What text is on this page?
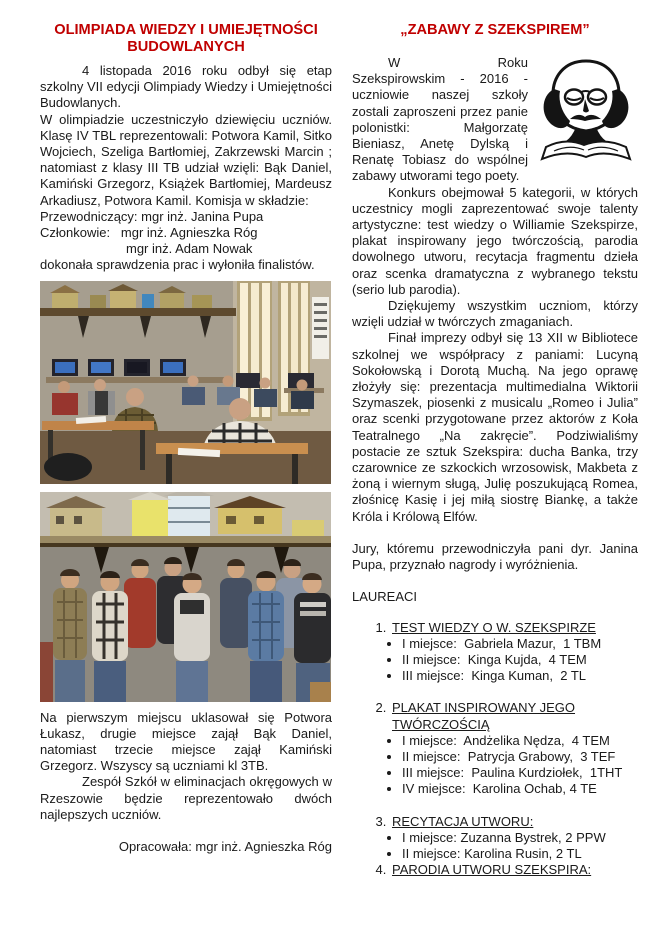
OLIMPIADA WIEDZY I UMIEJĘTNOŚCI BUDOWLANYCH

4 listopada 2016 roku odbył się etap szkolny VII edycji Olimpiady Wiedzy i Umiejętności Budowlanych.

W olimpiadzie uczestniczyło dziewięciu uczniów. Klasę IV TBL reprezentowali: Potwora Kamil, Sitko Wojciech, Szeliga Bartłomiej, Zakrzewski Marcin ; natomiast z klasy III TB udział wzięli: Bąk Daniel, Kamiński Grzegorz, Książek Bartłomiej, Mardeusz Arkadiusz, Potwora Kamil. Komisja w składzie:

Przewodniczący: mgr inż. Janina Pupa
Członkowie:   mgr inż. Agnieszka Róg
mgr inż. Adam Nowak
dokonała sprawdzenia prac i wyłoniła finalistów.

Na pierwszym miejscu uklasował się Potwora Łukasz, drugie miejsce zajął Bąk Daniel, natomiast trzecie miejsce zajął Kamiński Grzegorz. Wszyscy są uczniami kl 3TB.

Zespół Szkół w eliminacjach okręgowych w Rzeszowie będzie reprezentowało dwóch najlepszych uczniów.

Opracowała: mgr inż. Agnieszka Róg

„ZABAWY Z SZEKSPIREM”

W Roku Szekspirowskim - 2016 - uczniowie naszej szkoły zostali zaproszeni przez panie polonistki: Małgorzatę Bieniasz, Anetę Dylską i Renatę Tobiasz do wspólnej zabawy utworami tego poety.

Konkurs obejmował 5 kategorii, w których uczestnicy mogli zaprezentować swoje talenty artystyczne: test wiedzy o Williamie Szekspirze, plakat inspirowany jego twórczością, parodia dowolnego utworu, recytacja fragmentu dzieła oraz scenka dramatyczna z wybranego tekstu (serio lub parodia).

Dziękujemy wszystkim uczniom, którzy wzięli udział w twórczych zmaganiach.

Finał imprezy odbył się 13 XII w Bibliotece szkolnej we współpracy z paniami: Lucyną Sokołowską i Dorotą Muchą. Na jego oprawę złożyły się: prezentacja multimedialna Wiktorii Szymaszek, piosenki z musicalu „Romeo i Julia” oraz scenki przygotowane przez aktorów z Koła Teatralnego „Na zakręcie”. Podziwialiśmy postacie ze sztuk Szekspira: ducha Banka, trzy czarownice ze szkockich wrzosowisk, Makbeta z żoną i wiernym sługą, Julię poszukującą Romea, złośnicę Kasię i jej miłą siostrę Biankę, a także Króla i Królową Elfów.

Jury, któremu przewodniczyła pani dyr. Janina Pupa, przyznało nagrody i wyróżnienia.

LAUREACI

1. TEST WIEDZY O W. SZEKSPIRZE
• I miejsce:  Gabriela Mazur,  1 TBM
• II miejsce:  Kinga Kujda,  4 TEM
• III miejsce:  Kinga Kuman,  2 TL
2. PLAKAT INSPIROWANY JEGO TWÓRCZOŚCIĄ
• I miejsce:  Andżelika Nędza,  4 TEM
• II miejsce:  Patrycja Grabowy,  3 TEF
• III miejsce:  Paulina Kurdziołek,  1THT
• IV miejsce:  Karolina Ochab, 4 TE
3. RECYTACJA UTWORU:
• I miejsce: Zuzanna Bystrek, 2 PPW
• II miejsce: Karolina Rusin, 2 TL
4. PARODIA UTWORU SZEKSPIRA:
